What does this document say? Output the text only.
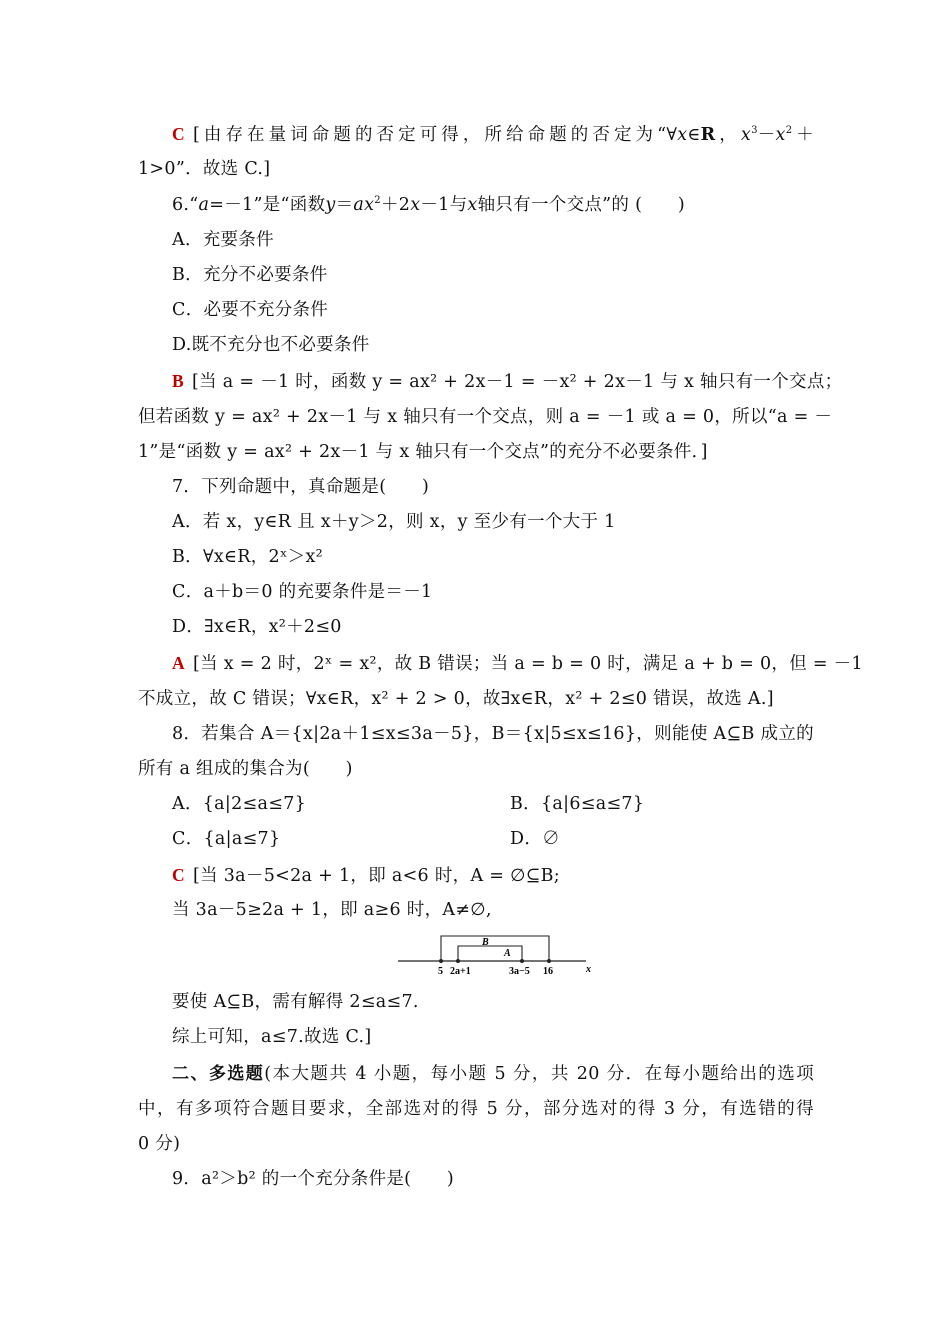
C [由存在量词命题的否定可得，所给命题的否定为“∀x∈R，$x^3-x^2+$
1>0”．故选 C.]
6.“a=－1”是“函数$y=ax^2+2x-1$与x轴只有一个交点”的 (　　)
A．充要条件
B．充分不必要条件
C．必要不充分条件
D.既不充分也不必要条件
B [当 a = －1 时，函数 y = ax² + 2x－1 = －x² + 2x－1 与 x 轴只有一个交点；
但若函数 y = ax² + 2x－1 与 x 轴只有一个交点，则 a = －1 或 a = 0，所以“a = －
1”是“函数 y = ax² + 2x－1 与 x 轴只有一个交点”的充分不必要条件．]
7．下列命题中，真命题是(　　)
A．若 x，y∈R 且 x＋y＞2，则 x，y 至少有一个大于 1
B．∀x∈R，2ˣ＞x²
C．a＋b＝0 的充要条件是＝－1
D．∃x∈R，x²＋2≤0
A [当 x = 2 时，2ˣ = x²，故 B 错误；当 a = b = 0 时，满足 a + b = 0，但 = －1
不成立，故 C 错误；∀x∈R，x² + 2 > 0，故∃x∈R，x² + 2≤0 错误，故选 A.]
8．若集合 A＝{x|2a＋1≤x≤3a－5}，B＝{x|5≤x≤16}，则能使 A⊆B 成立的
所有 a 组成的集合为(　　)
A．{a|2≤a≤7}	B．{a|6≤a≤7}
C．{a|a≤7}	D．∅
C [当 3a－5<2a + 1，即 a<6 时，A = ∅⊆B;
当 3a－5≥2a + 1，即 a≥6 时，A≠∅,
B
A
5 2a+1	3a−5 16	x
要使 A⊆B，需有解得 2≤a≤7.
综上可知，a≤7.故选 C.]
二、多选题(本大题共 4 小题，每小题 5 分，共 20 分．在每小题给出的选项
中，有多项符合题目要求，全部选对的得 5 分，部分选对的得 3 分，有选错的得
0 分)
9．a²＞b² 的一个充分条件是(　　)
